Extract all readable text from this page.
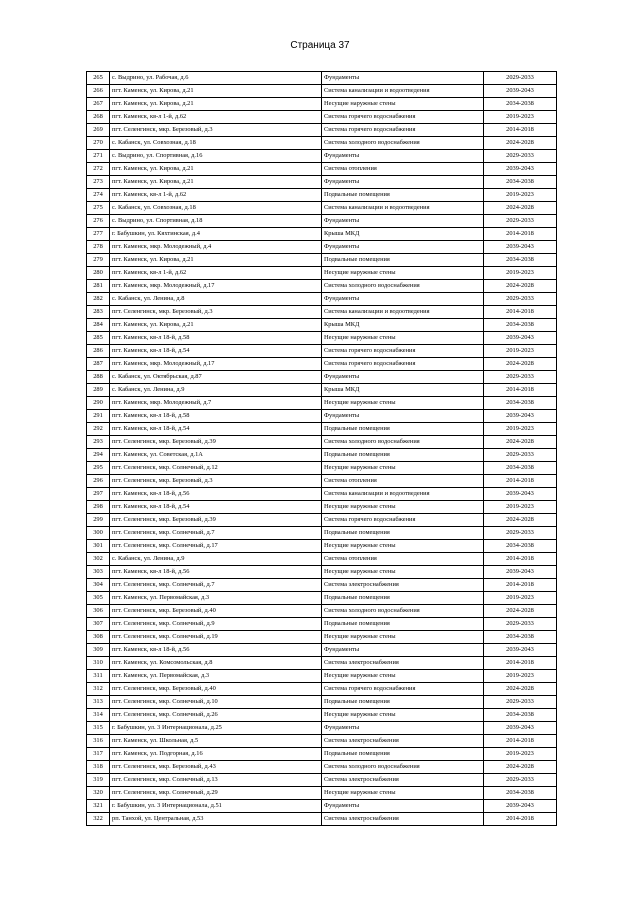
Страница 37
265	с. Выдрино, ул. Рабочая, д.6	Фундаменты	2029-2033
266	пгт. Каменск, ул. Кирова, д.21	Система канализации и водоотведения	2039-2043
267	пгт. Каменск, ул. Кирова, д.21	Несущие наружные стены	2034-2038
268	пгт. Каменск, кв-л 1-й, д.62	Система горячего водоснабжения	2019-2023
269	пгт. Селенгинск, мкр. Березовый, д.3	Система горячего водоснабжения	2014-2018
270	с. Кабанск, ул. Совхозная, д.18	Система холодного водоснабжения	2024-2028
271	с. Выдрино, ул. Спортивная, д.16	Фундаменты	2029-2033
272	пгт. Каменск, ул. Кирова, д.21	Система отопления	2039-2043
273	пгт. Каменск, ул. Кирова, д.21	Фундаменты	2034-2038
274	пгт. Каменск, кв-л 1-й, д.62	Подвальные помещения	2019-2023
275	с. Кабанск, ул. Совхозная, д.18	Система канализации и водоотведения	2024-2028
276	с. Выдрино, ул. Спортивная, д.18	Фундаменты	2029-2033
277	г. Бабушкин, ул. Кяхтинская, д.4	Крыша МКД	2014-2018
278	пгт. Каменск, мкр. Молодежный, д.4	Фундаменты	2039-2043
279	пгт. Каменск, ул. Кирова, д.21	Подвальные помещения	2034-2038
280	пгт. Каменск, кв-л 1-й, д.62	Несущие наружные стены	2019-2023
281	пгт. Каменск, мкр. Молодежный, д.17	Система холодного водоснабжения	2024-2028
282	с. Кабанск, ул. Ленина, д.8	Фундаменты	2029-2033
283	пгт. Селенгинск, мкр. Березовый, д.3	Система канализации и водоотведения	2014-2018
284	пгт. Каменск, ул. Кирова, д.21	Крыша МКД	2034-2038
285	пгт. Каменск, кв-л 18-й, д.58	Несущие наружные стены	2039-2043
286	пгт. Каменск, кв-л 18-й, д.54	Система горячего водоснабжения	2019-2023
287	пгт. Каменск, мкр. Молодежный, д.17	Система горячего водоснабжения	2024-2028
288	с. Кабанск, ул. Октябрьская, д.87	Фундаменты	2029-2033
289	с. Кабанск, ул. Ленина, д.9	Крыша МКД	2014-2018
290	пгт. Каменск, мкр. Молодежный, д.7	Несущие наружные стены	2034-2038
291	пгт. Каменск, кв-л 18-й, д.58	Фундаменты	2039-2043
292	пгт. Каменск, кв-л 18-й, д.54	Подвальные помещения	2019-2023
293	пгт. Селенгинск, мкр. Березовый, д.39	Система холодного водоснабжения	2024-2028
294	пгт. Каменск, ул. Советская, д.1А	Подвальные помещения	2029-2033
295	пгт. Селенгинск, мкр. Солнечный, д.12	Несущие наружные стены	2034-2038
296	пгт. Селенгинск, мкр. Березовый, д.3	Система отопления	2014-2018
297	пгт. Каменск, кв-л 18-й, д.56	Система канализации и водоотведения	2039-2043
298	пгт. Каменск, кв-л 18-й, д.54	Несущие наружные стены	2019-2023
299	пгт. Селенгинск, мкр. Березовый, д.39	Система горячего водоснабжения	2024-2028
300	пгт. Селенгинск, мкр. Солнечный, д.7	Подвальные помещения	2029-2033
301	пгт. Селенгинск, мкр. Солнечный, д.17	Несущие наружные стены	2034-2038
302	с. Кабанск, ул. Ленина, д.9	Система отопления	2014-2018
303	пгт. Каменск, кв-л 18-й, д.56	Несущие наружные стены	2039-2043
304	пгт. Селенгинск, мкр. Солнечный, д.7	Система электроснабжения	2014-2018
305	пгт. Каменск, ул. Первомайская, д.3	Подвальные помещения	2019-2023
306	пгт. Селенгинск, мкр. Березовый, д.40	Система холодного водоснабжения	2024-2028
307	пгт. Селенгинск, мкр. Солнечный, д.9	Подвальные помещения	2029-2033
308	пгт. Селенгинск, мкр. Солнечный, д.19	Несущие наружные стены	2034-2038
309	пгт. Каменск, кв-л 18-й, д.56	Фундаменты	2039-2043
310	пгт. Каменск, ул. Комсомольская, д.8	Система электроснабжения	2014-2018
311	пгт. Каменск, ул. Первомайская, д.3	Несущие наружные стены	2019-2023
312	пгт. Селенгинск, мкр. Березовый, д.40	Система горячего водоснабжения	2024-2028
313	пгт. Селенгинск, мкр. Солнечный, д.10	Подвальные помещения	2029-2033
314	пгт. Селенгинск, мкр. Солнечный, д.26	Несущие наружные стены	2034-2038
315	г. Бабушкин, ул. 3 Интернационала, д.25	Фундаменты	2039-2043
316	пгт. Каменск, ул. Школьная, д.5	Система электроснабжения	2014-2018
317	пгт. Каменск, ул. Подгорная, д.16	Подвальные помещения	2019-2023
318	пгт. Селенгинск, мкр. Березовый, д.43	Система холодного водоснабжения	2024-2028
319	пгт. Селенгинск, мкр. Солнечный, д.13	Система электроснабжения	2029-2033
320	пгт. Селенгинск, мкр. Солнечный, д.29	Несущие наружные стены	2034-2038
321	г. Бабушкин, ул. 3 Интернационала, д.51	Фундаменты	2039-2043
322	рп. Танхой, ул. Центральная, д.53	Система электроснабжения	2014-2018
